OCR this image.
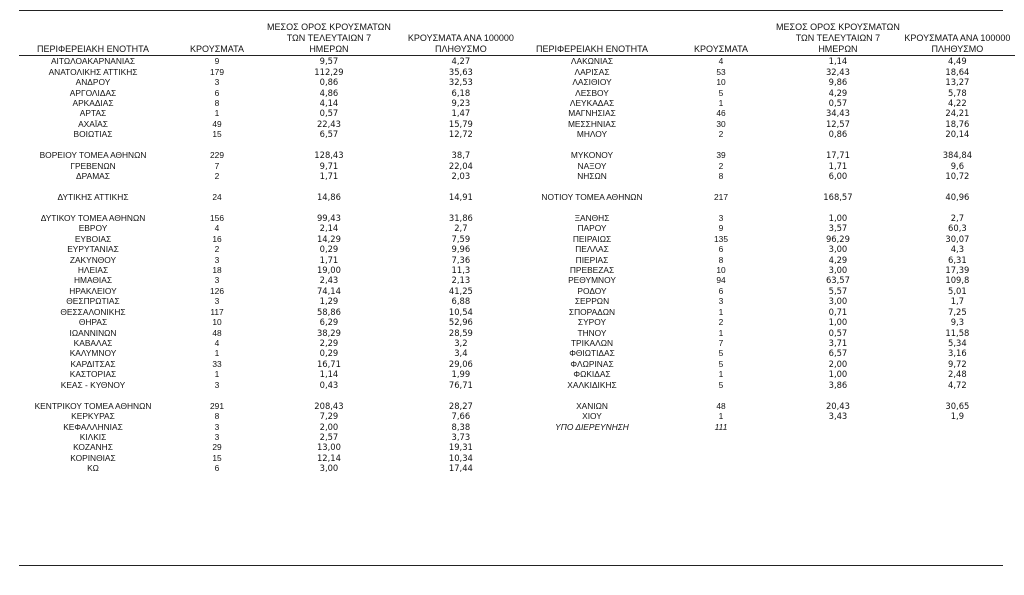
ΠΕΡΙΦΕΡΕΙΑΚΗ ΕΝΟΤΗΤΑ	ΚΡΟΥΣΜΑΤΑ	ΜΕΣΟΣ ΟΡΟΣ ΚΡΟΥΣΜΑΤΩΝ
ΤΩΝ ΤΕΛΕΥΤΑΙΩΝ 7
ΗΜΕΡΩΝ	ΚΡΟΥΣΜΑΤΑ ΑΝΑ 100000
ΠΛΗΘΥΣΜΟ

ΑΙΤΩΛΟΑΚΑΡΝΑΝΙΑΣ	9	9,57	4,27
ΑΝΑΤΟΛΙΚΗΣ ΑΤΤΙΚΗΣ	179	112,29	35,63
ΑΝΔΡΟΥ	3	0,86	32,53
ΑΡΓΟΛΙΔΑΣ	6	4,86	6,18
ΑΡΚΑΔΙΑΣ	8	4,14	9,23
ΑΡΤΑΣ	1	0,57	1,47
ΑΧΑΪΑΣ	49	22,43	15,79
ΒΟΙΩΤΙΑΣ	15	6,57	12,72

ΒΟΡΕΙΟΥ ΤΟΜΕΑ ΑΘΗΝΩΝ	229	128,43	38,7
ΓΡΕΒΕΝΩΝ	7	9,71	22,04
ΔΡΑΜΑΣ	2	1,71	2,03

ΔΥΤΙΚΗΣ ΑΤΤΙΚΗΣ	24	14,86	14,91

ΔΥΤΙΚΟΥ ΤΟΜΕΑ ΑΘΗΝΩΝ	156	99,43	31,86
ΕΒΡΟΥ	4	2,14	2,7
ΕΥΒΟΙΑΣ	16	14,29	7,59
ΕΥΡΥΤΑΝΙΑΣ	2	0,29	9,96
ΖΑΚΥΝΘΟΥ	3	1,71	7,36
ΗΛΕΙΑΣ	18	19,00	11,3
ΗΜΑΘΙΑΣ	3	2,43	2,13
ΗΡΑΚΛΕΙΟΥ	126	74,14	41,25
ΘΕΣΠΡΩΤΙΑΣ	3	1,29	6,88
ΘΕΣΣΑΛΟΝΙΚΗΣ	117	58,86	10,54
ΘΗΡΑΣ	10	6,29	52,96
ΙΩΑΝΝΙΝΩΝ	48	38,29	28,59
ΚΑΒΑΛΑΣ	4	2,29	3,2
ΚΑΛΥΜΝΟΥ	1	0,29	3,4
ΚΑΡΔΙΤΣΑΣ	33	16,71	29,06
ΚΑΣΤΟΡΙΑΣ	1	1,14	1,99
ΚΕΑΣ - ΚΥΘΝΟΥ	3	0,43	76,71

ΚΕΝΤΡΙΚΟΥ ΤΟΜΕΑ ΑΘΗΝΩΝ	291	208,43	28,27
ΚΕΡΚΥΡΑΣ	8	7,29	7,66
ΚΕΦΑΛΛΗΝΙΑΣ	3	2,00	8,38
ΚΙΛΚΙΣ	3	2,57	3,73
ΚΟΖΑΝΗΣ	29	13,00	19,31
ΚΟΡΙΝΘΙΑΣ	15	12,14	10,34
ΚΩ	6	3,00	17,44
ΠΕΡΙΦΕΡΕΙΑΚΗ ΕΝΟΤΗΤΑ	ΚΡΟΥΣΜΑΤΑ	ΜΕΣΟΣ ΟΡΟΣ ΚΡΟΥΣΜΑΤΩΝ
ΤΩΝ ΤΕΛΕΥΤΑΙΩΝ 7
ΗΜΕΡΩΝ	ΚΡΟΥΣΜΑΤΑ ΑΝΑ 100000
ΠΛΗΘΥΣΜΟ

ΛΑΚΩΝΙΑΣ	4	1,14	4,49
ΛΑΡΙΣΑΣ	53	32,43	18,64
ΛΑΣΙΘΙΟΥ	10	9,86	13,27
ΛΕΣΒΟΥ	5	4,29	5,78
ΛΕΥΚΑΔΑΣ	1	0,57	4,22
ΜΑΓΝΗΣΙΑΣ	46	34,43	24,21
ΜΕΣΣΗΝΙΑΣ	30	12,57	18,76
ΜΗΛΟΥ	2	0,86	20,14

ΜΥΚΟΝΟΥ	39	17,71	384,84
ΝΑΞΟΥ	2	1,71	9,6
ΝΗΣΩΝ	8	6,00	10,72

ΝΟΤΙΟΥ ΤΟΜΕΑ ΑΘΗΝΩΝ	217	168,57	40,96

ΞΑΝΘΗΣ	3	1,00	2,7
ΠΑΡΟΥ	9	3,57	60,3
ΠΕΙΡΑΙΩΣ	135	96,29	30,07
ΠΕΛΛΑΣ	6	3,00	4,3
ΠΙΕΡΙΑΣ	8	4,29	6,31
ΠΡΕΒΕΖΑΣ	10	3,00	17,39
ΡΕΘΥΜΝΟΥ	94	63,57	109,8
ΡΟΔΟΥ	6	5,57	5,01
ΣΕΡΡΩΝ	3	3,00	1,7
ΣΠΟΡΑΔΩΝ	1	0,71	7,25
ΣΥΡΟΥ	2	1,00	9,3
ΤΗΝΟΥ	1	0,57	11,58
ΤΡΙΚΑΛΩΝ	7	3,71	5,34
ΦΘΙΩΤΙΔΑΣ	5	6,57	3,16
ΦΛΩΡΙΝΑΣ	5	2,00	9,72
ΦΩΚΙΔΑΣ	1	1,00	2,48
ΧΑΛΚΙΔΙΚΗΣ	5	3,86	4,72

ΧΑΝΙΩΝ	48	20,43	30,65
ΧΙΟΥ	1	3,43	1,9
ΥΠΟ ΔΙΕΡΕΥΝΗΣΗ	111		
